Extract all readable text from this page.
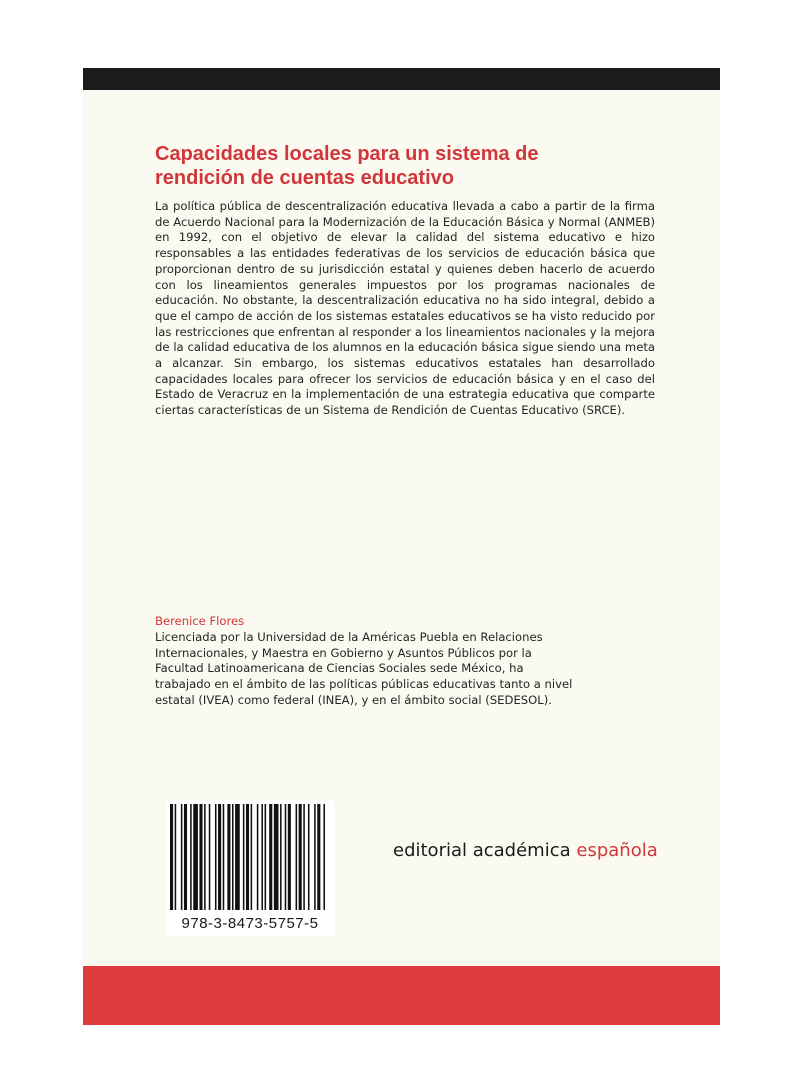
Capacidades locales para un sistema de
rendición de cuentas educativo

La política pública de descentralización educativa llevada a cabo a partir de la firma de Acuerdo Nacional para la Modernización de la Educación Básica y Normal (ANMEB) en 1992, con el objetivo de elevar la calidad del sistema educativo e hizo responsables a las entidades federativas de los servicios de educación básica que proporcionan dentro de su jurisdicción estatal y quienes deben hacerlo de acuerdo con los lineamientos generales impuestos por los programas nacionales de educación. No obstante, la descentralización educativa no ha sido integral, debido a que el campo de acción de los sistemas estatales educativos se ha visto reducido por las restricciones que enfrentan al responder a los lineamientos nacionales y la mejora de la calidad educativa de los alumnos en la educación básica sigue siendo una meta a alcanzar. Sin embargo, los sistemas educativos estatales han desarrollado capacidades locales para ofrecer los servicios de educación básica y en el caso del Estado de Veracruz en la implementación de una estrategia educativa que comparte ciertas características de un Sistema de Rendición de Cuentas Educativo (SRCE).

Berenice Flores

Licenciada por la Universidad de la Américas Puebla en Relaciones
Internacionales, y Maestra en Gobierno y Asuntos Públicos por la
Facultad Latinoamericana de Ciencias Sociales sede México, ha
trabajado en el ámbito de las políticas públicas educativas tanto a nivel
estatal (IVEA) como federal (INEA), y en el ámbito social (SEDESOL).

978-3-8473-5757-5

editorial académica española
